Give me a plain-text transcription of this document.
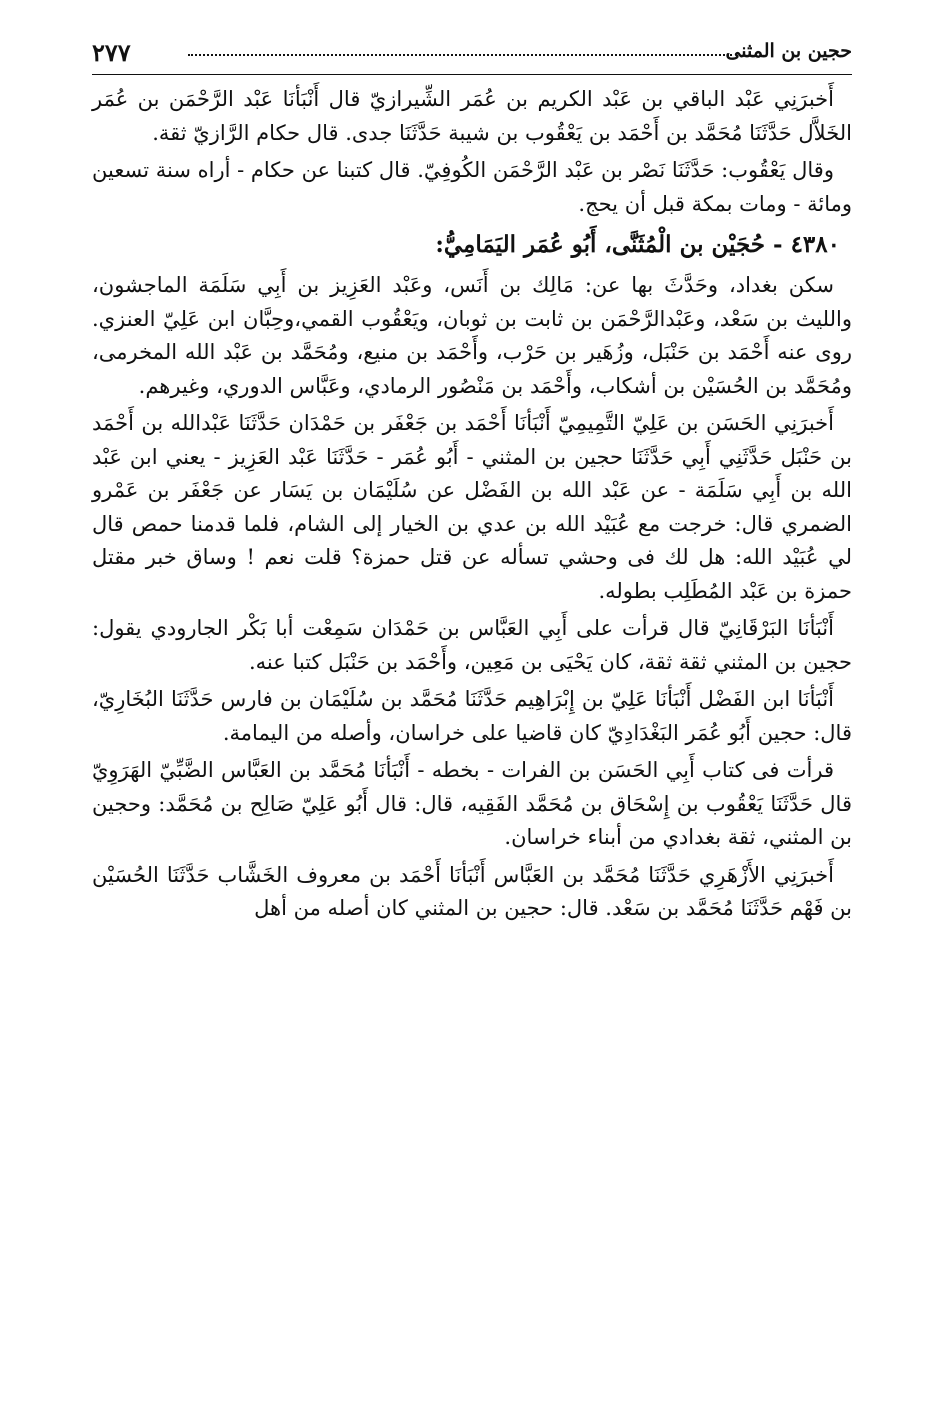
حجين بن المثنى
٢٧٧

أَخبرَنِي عَبْد الباقي بن عَبْد الكريم بن عُمَر الشِّيرازيّ قال أَنْبَأنَا عَبْد الرَّحْمَن بن عُمَر الخَلاَّل حَدَّثَنَا مُحَمَّد بن أَحْمَد بن يَعْقُوب بن شيبة حَدَّثَنَا جدى. قال حكام الرَّازيّ ثقة.

وقال يَعْقُوب: حَدَّثَنَا نَصْر بن عَبْد الرَّحْمَن الكُوفِيّ. قال كتبنا عن حكام - أراه سنة تسعين ومائة - ومات بمكة قبل أن يحج.

٤٣٨٠ - حُجَيْن بن الْمُثَنَّى، أَبُو عُمَر اليَمَامِيُّ:

سكن بغداد، وحَدَّثَ بها عن: مَالِك بن أَنَس، وعَبْد العَزِيز بن أَبِي سَلَمَة الماجشون، والليث بن سَعْد، وعَبْدالرَّحْمَن بن ثابت بن ثوبان، ويَعْقُوب القمي،وحِبَّان ابن عَلِيّ العنزي. روى عنه أَحْمَد بن حَنْبَل، وزُهَير بن حَرْب، وأَحْمَد بن منيع، ومُحَمَّد بن عَبْد الله المخرمى، ومُحَمَّد بن الحُسَيْن بن أشكاب، وأَحْمَد بن مَنْصُور الرمادي، وعَبَّاس الدوري، وغيرهم.

أَخبرَنِي الحَسَن بن عَلِيّ التَّمِيمِيّ أَنْبَأنَا أَحْمَد بن جَعْفَر بن حَمْدَان حَدَّثَنَا عَبْدالله بن أَحْمَد بن حَنْبَل حَدَّثَنِي أَبِي حَدَّثَنَا حجين بن المثني - أَبُو عُمَر - حَدَّثَنَا عَبْد العَزِيز - يعني ابن عَبْد الله بن أَبِي سَلَمَة - عن عَبْد الله بن الفَضْل عن سُلَيْمَان بن يَسَار عن جَعْفَر بن عَمْرو الضمري قال: خرجت مع عُبَيْد الله بن عدي بن الخيار إلى الشام، فلما قدمنا حمص قال لي عُبَيْد الله: هل لك فى وحشي تسأله عن قتل حمزة؟ قلت نعم ! وساق خبر مقتل حمزة بن عَبْد المُطَلِب بطوله.

أَنْبَأنَا البَرْقَانِيّ قال قرأت على أَبِي العَبَّاس بن حَمْدَان سَمِعْت أبا بَكْر الجارودي يقول: حجين بن المثني ثقة ثقة، كان يَحْيَى بن مَعِين، وأَحْمَد بن حَنْبَل كتبا عنه.

أَنْبَأنَا ابن الفَضْل أَنْبَأنَا عَلِيّ بن إِبْرَاهِيم حَدَّثَنَا مُحَمَّد بن سُلَيْمَان بن فارس حَدَّثَنَا البُخَارِيّ، قال: حجين أَبُو عُمَر البَغْدَادِيّ كان قاضيا على خراسان، وأصله من اليمامة.

قرأت فى كتاب أَبِي الحَسَن بن الفرات - بخطه - أَنْبَأنَا مُحَمَّد بن العَبَّاس الضَّبِّيّ الهَرَوِيّ قال حَدَّثَنَا يَعْقُوب بن إِسْحَاق بن مُحَمَّد الفَقِيه، قال: قال أَبُو عَلِيّ صَالِح بن مُحَمَّد: وحجين بن المثني، ثقة بغدادي من أبناء خراسان.

أَخبرَنِي الأَزْهَرِي حَدَّثَنَا مُحَمَّد بن العَبَّاس أَنْبَأنَا أَحْمَد بن معروف الخَشَّاب حَدَّثَنَا الحُسَيْن بن فَهْم حَدَّثَنَا مُحَمَّد بن سَعْد. قال: حجين بن المثني كان أصله من أهل
